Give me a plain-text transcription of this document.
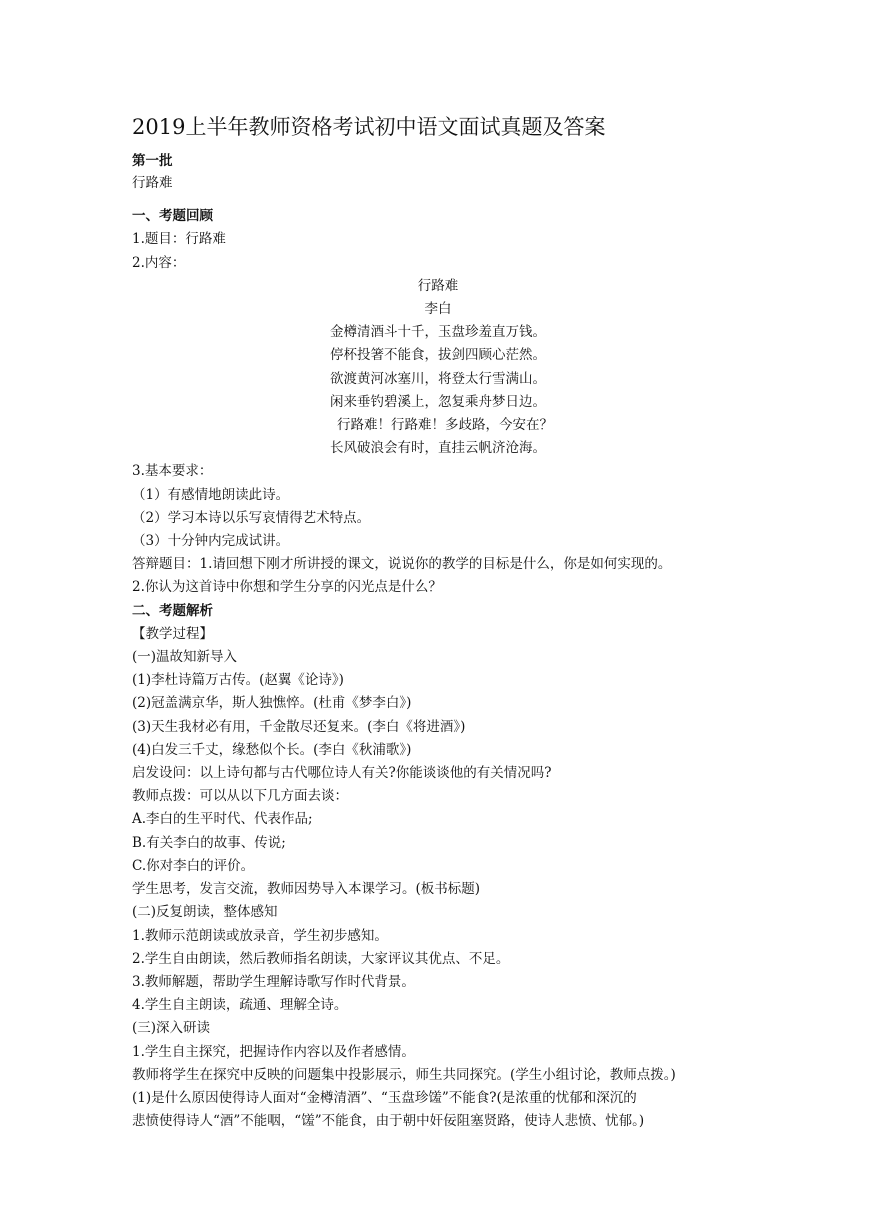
2019上半年教师资格考试初中语文面试真题及答案
第一批
行路难
一、考题回顾
1.题目：行路难
2.内容：
行路难
李白
金樽清酒斗十千，玉盘珍羞直万钱。
停杯投箸不能食，拔剑四顾心茫然。
欲渡黄河冰塞川，将登太行雪满山。
闲来垂钓碧溪上，忽复乘舟梦日边。
行路难！行路难！多歧路，今安在？
长风破浪会有时，直挂云帆济沧海。
3.基本要求：
（1）有感情地朗读此诗。
（2）学习本诗以乐写哀情得艺术特点。
（3）十分钟内完成试讲。
答辩题目：1.请回想下刚才所讲授的课文，说说你的教学的目标是什么，你是如何实现的。
2.你认为这首诗中你想和学生分享的闪光点是什么？
二、考题解析
【教学过程】
(一)温故知新导入
(1)李杜诗篇万古传。(赵翼《论诗》)
(2)冠盖满京华，斯人独憔悴。(杜甫《梦李白》)
(3)天生我材必有用，千金散尽还复来。(李白《将进酒》)
(4)白发三千丈，缘愁似个长。(李白《秋浦歌》)
启发设问：以上诗句都与古代哪位诗人有关?你能谈谈他的有关情况吗?
教师点拨：可以从以下几方面去谈：
A.李白的生平时代、代表作品;
B.有关李白的故事、传说;
C.你对李白的评价。
学生思考，发言交流，教师因势导入本课学习。(板书标题)
(二)反复朗读，整体感知
1.教师示范朗读或放录音，学生初步感知。
2.学生自由朗读，然后教师指名朗读，大家评议其优点、不足。
3.教师解题，帮助学生理解诗歌写作时代背景。
4.学生自主朗读，疏通、理解全诗。
(三)深入研读
1.学生自主探究，把握诗作内容以及作者感情。
教师将学生在探究中反映的问题集中投影展示，师生共同探究。(学生小组讨论，教师点拨。)
(1)是什么原因使得诗人面对“金樽清酒”、“玉盘珍馐”不能食?(是浓重的忧郁和深沉的
悲愤使得诗人“酒”不能咽，“馐”不能食，由于朝中奸佞阻塞贤路，使诗人悲愤、忧郁。)
